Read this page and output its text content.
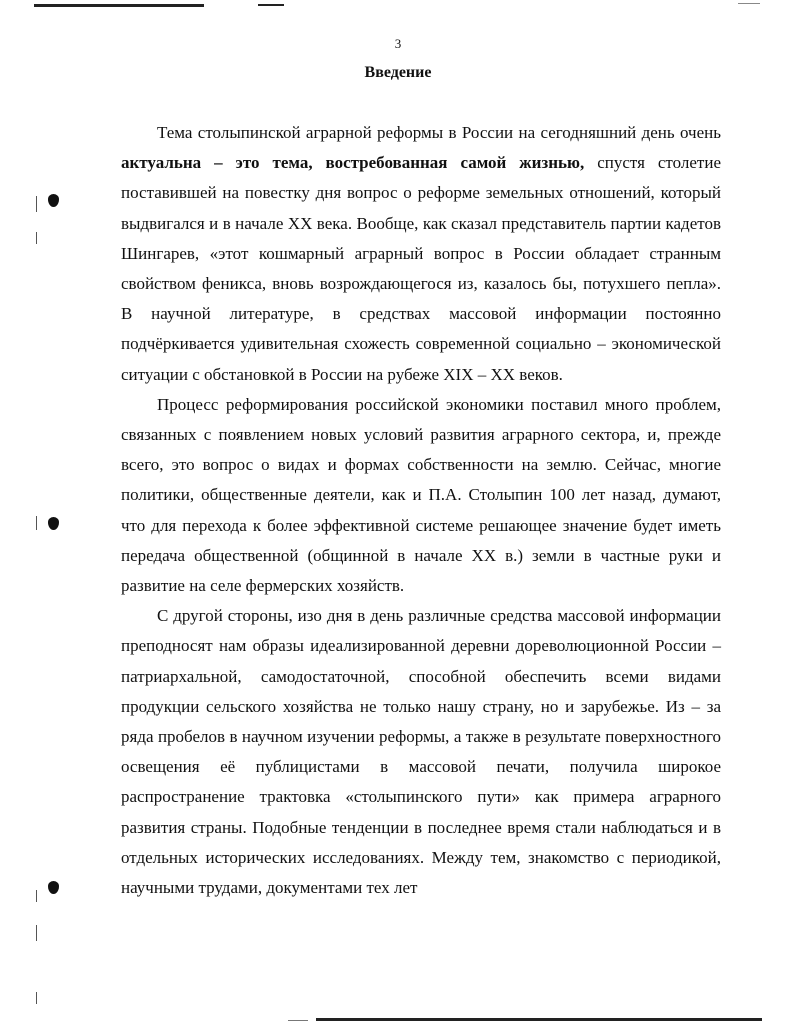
3
Введение

Тема столыпинской аграрной реформы в России на сегодняшний день очень актуальна – это тема, востребованная самой жизнью, спустя столетие поставившей на повестку дня вопрос о реформе земельных отношений, который выдвигался и в начале XX века. Вообще, как сказал представитель партии кадетов Шингарев, «этот кошмарный аграрный вопрос в России обладает странным свойством феникса, вновь возрождающегося из, казалось бы, потухшего пепла». В научной литературе, в средствах массовой информации постоянно подчёркивается удивительная схожесть современной социально – экономической ситуации с обстановкой в России на рубеже XIX – XX веков.

Процесс реформирования российской экономики поставил много проблем, связанных с появлением новых условий развития аграрного сектора, и, прежде всего, это вопрос о видах и формах собственности на землю. Сейчас, многие политики, общественные деятели, как и П.А. Столыпин 100 лет назад, думают, что для перехода к более эффективной системе решающее значение будет иметь передача общественной (общинной в начале XX в.) земли в частные руки и развитие на селе фермерских хозяйств.

С другой стороны, изо дня в день различные средства массовой информации преподносят нам образы идеализированной деревни дореволюционной России – патриархальной, самодостаточной, способной обеспечить всеми видами продукции сельского хозяйства не только нашу страну, но и зарубежье. Из – за ряда пробелов в научном изучении реформы, а также в результате поверхностного освещения её публицистами в массовой печати, получила широкое распространение трактовка «столыпинского пути» как примера аграрного развития страны. Подобные тенденции в последнее время стали наблюдаться и в отдельных исторических исследованиях. Между тем, знакомство с периодикой, научными трудами, документами тех лет
